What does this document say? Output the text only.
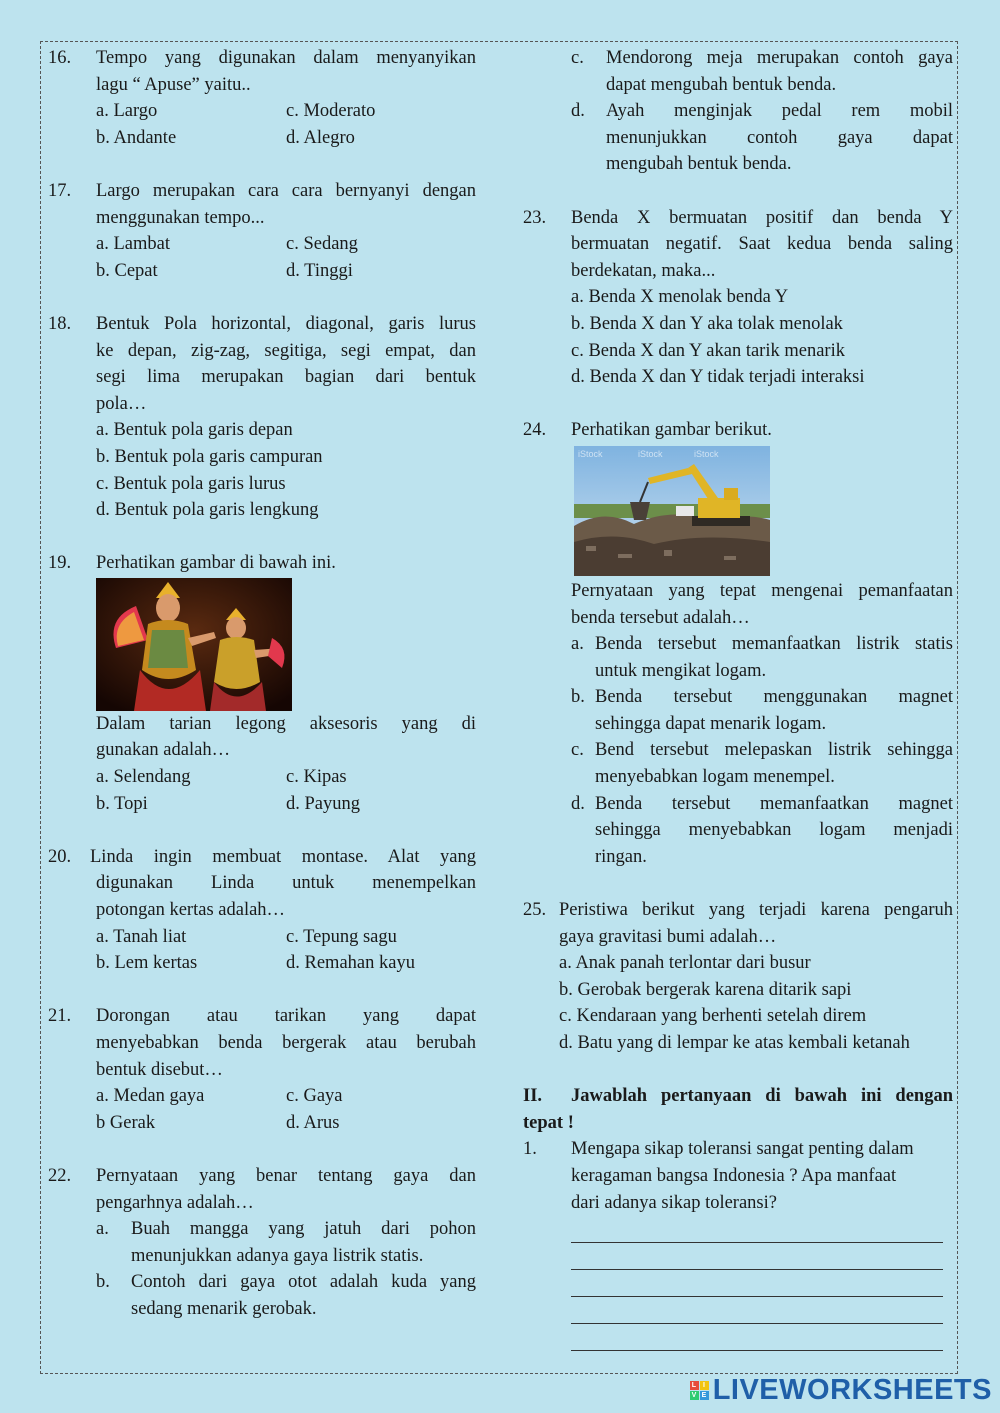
16. Tempo yang digunakan dalam menyanyikan
lagu “ Apuse” yaitu..
a. Largo	c. Moderato
b. Andante	d. Alegro
17. Largo merupakan cara cara bernyanyi dengan
menggunakan tempo...
a. Lambat	c. Sedang
b. Cepat	d. Tinggi
18. Bentuk Pola horizontal, diagonal, garis lurus
ke depan, zig-zag, segitiga, segi empat, dan
segi lima merupakan bagian dari bentuk
pola…
a. Bentuk pola garis depan
b. Bentuk pola garis campuran
c. Bentuk pola garis lurus
d. Bentuk pola garis lengkung
19. Perhatikan gambar di bawah ini.
Dalam tarian legong aksesoris yang di
gunakan adalah…
a. Selendang	c. Kipas
b. Topi	d. Payung
20. Linda ingin membuat montase. Alat yang
digunakan Linda untuk menempelkan
potongan kertas adalah…
a. Tanah liat	c. Tepung sagu
b. Lem kertas	d. Remahan kayu
21. Dorongan atau tarikan yang dapat
menyebabkan benda bergerak atau berubah
bentuk disebut…
a. Medan gaya	c. Gaya
b Gerak	d. Arus
22. Pernyataan yang benar tentang gaya dan
pengarhnya adalah…
a. Buah mangga yang jatuh dari pohon
menunjukkan adanya gaya listrik statis.
b. Contoh dari gaya otot adalah kuda yang
sedang menarik gerobak.
c. Mendorong meja merupakan contoh gaya
dapat mengubah bentuk benda.
d. Ayah menginjak pedal rem mobil
menunjukkan contoh gaya dapat
mengubah bentuk benda.
23. Benda X bermuatan positif dan benda Y
bermuatan negatif. Saat kedua benda saling
berdekatan, maka...
a. Benda X menolak benda Y
b. Benda X dan Y aka tolak menolak
c. Benda X dan Y akan tarik menarik
d. Benda X dan Y tidak terjadi interaksi
24. Perhatikan gambar berikut.
iStock	iStock	iStock
Pernyataan yang tepat mengenai pemanfaatan
benda tersebut adalah…
a. Benda tersebut memanfaatkan listrik statis
untuk mengikat logam.
b. Benda tersebut menggunakan magnet
sehingga dapat menarik logam.
c. Bend tersebut melepaskan listrik sehingga
menyebabkan logam menempel.
d. Benda tersebut memanfaatkan magnet
sehingga menyebabkan logam menjadi
ringan.
25. Peristiwa berikut yang terjadi karena pengaruh
gaya gravitasi bumi adalah…
a. Anak panah terlontar dari busur
b. Gerobak bergerak karena ditarik sapi
c. Kendaraan yang berhenti setelah direm
d. Batu yang di lempar ke atas kembali ketanah
II. Jawablah pertanyaan di bawah ini dengan
tepat !
1. Mengapa sikap toleransi sangat penting dalam
keragaman bangsa Indonesia ? Apa manfaat
dari adanya sikap toleransi?
L I
V E LIVEWORKSHEETS
